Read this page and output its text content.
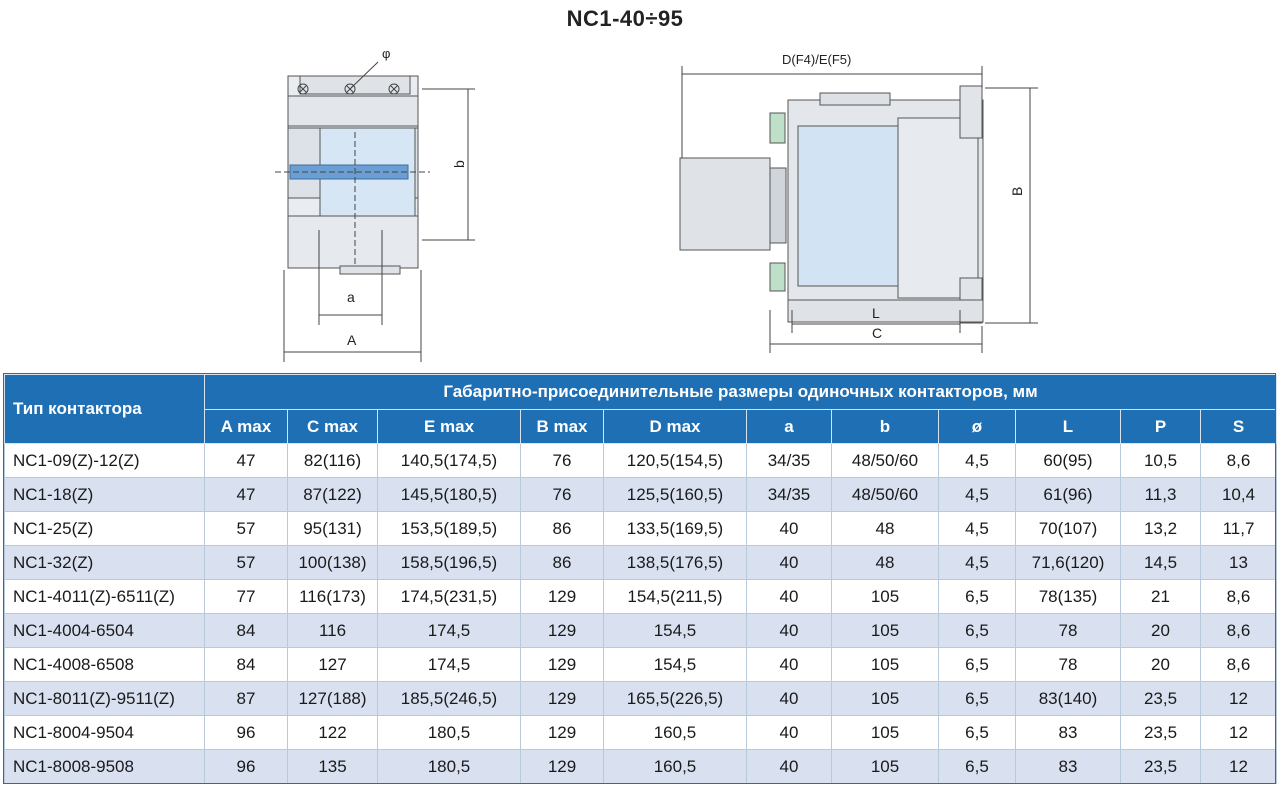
NC1-40÷95
φ
b
a
A
D(F4)/E(F5)
B
L
C
Тип контактора	Габаритно-присоединительные размеры одиночных контакторов, мм										
	A max	C max	E max	B max	D max	a	b	ø	L	P	S
NC1-09(Z)-12(Z)	47	82(116)	140,5(174,5)	76	120,5(154,5)	34/35	48/50/60	4,5	60(95)	10,5	8,6
NC1-18(Z)	47	87(122)	145,5(180,5)	76	125,5(160,5)	34/35	48/50/60	4,5	61(96)	11,3	10,4
NC1-25(Z)	57	95(131)	153,5(189,5)	86	133,5(169,5)	40	48	4,5	70(107)	13,2	11,7
NC1-32(Z)	57	100(138)	158,5(196,5)	86	138,5(176,5)	40	48	4,5	71,6(120)	14,5	13
NC1-4011(Z)-6511(Z)	77	116(173)	174,5(231,5)	129	154,5(211,5)	40	105	6,5	78(135)	21	8,6
NC1-4004-6504	84	116	174,5	129	154,5	40	105	6,5	78	20	8,6
NC1-4008-6508	84	127	174,5	129	154,5	40	105	6,5	78	20	8,6
NC1-8011(Z)-9511(Z)	87	127(188)	185,5(246,5)	129	165,5(226,5)	40	105	6,5	83(140)	23,5	12
NC1-8004-9504	96	122	180,5	129	160,5	40	105	6,5	83	23,5	12
NC1-8008-9508	96	135	180,5	129	160,5	40	105	6,5	83	23,5	12
